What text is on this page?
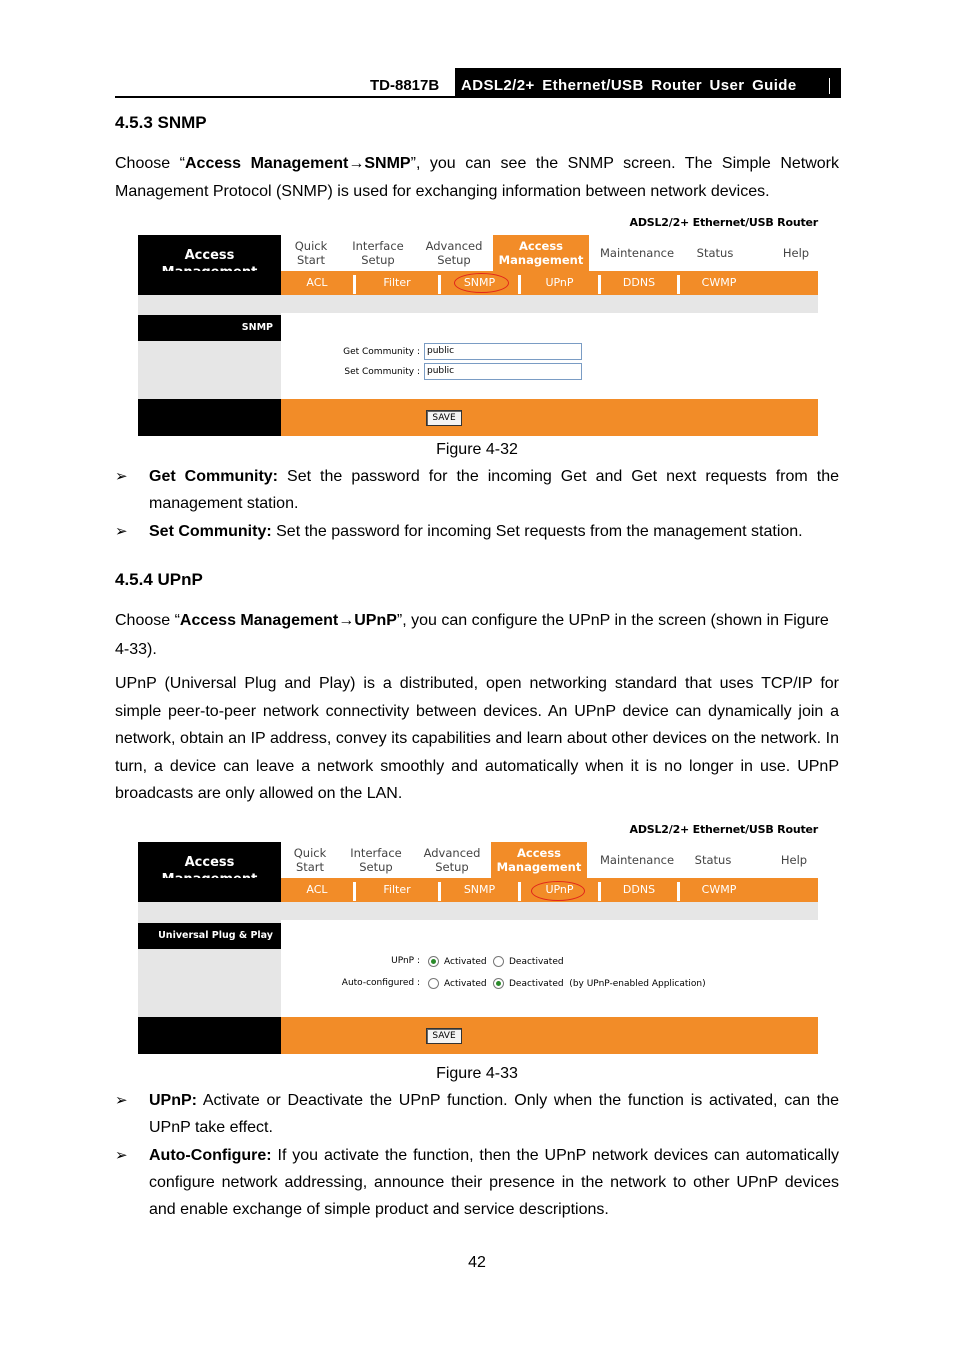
TD-8817B ADSL2/2+ Ethernet/USB Router User Guide
4.5.3 SNMP

Choose “Access Management→SNMP”, you can see the SNMP screen. The Simple Network Management Protocol (SNMP) is used for exchanging information between network devices.

ADSL2/2+ Ethernet/USB Router
Access
Quick
Start
Interface
Setup
Advanced
Setup
Access
Management	Maintenance	Status	Help
ACL	Filter	SNMP	UPnP	DDNS	CWMP
SNMP
Get Community : public
Set Community : public
SAVE
Figure 4-32
➢ Get Community: Set the password for the incoming Get and Get next requests from the management station.
➢ Set Community: Set the password for incoming Set requests from the management station.
4.5.4 UPnP

Choose “Access Management→UPnP”, you can configure the UPnP in the screen (shown in Figure 4-33).

UPnP (Universal Plug and Play) is a distributed, open networking standard that uses TCP/IP for simple peer-to-peer network connectivity between devices. An UPnP device can dynamically join a network, obtain an IP address, convey its capabilities and learn about other devices on the network. In turn, a device can leave a network smoothly and automatically when it is no longer in use. UPnP broadcasts are only allowed on the LAN.

ADSL2/2+ Ethernet/USB Router
Access
Quick
Start
Interface
Setup
Advanced
Setup
Access
Management	Maintenance	Status	Help
ACL	Filter	SNMP	UPnP	DDNS	CWMP
Universal Plug & Play
UPnP :	Activated Deactivated
Auto-configured :	Activated Deactivated  (by UPnP-enabled Application)
SAVE
Figure 4-33
➢ UPnP: Activate or Deactivate the UPnP function. Only when the function is activated, can the UPnP take effect.
➢ Auto-Configure: If you activate the function, then the UPnP network devices can automatically configure network addressing, announce their presence in the network to other UPnP devices and enable exchange of simple product and service descriptions.
42
